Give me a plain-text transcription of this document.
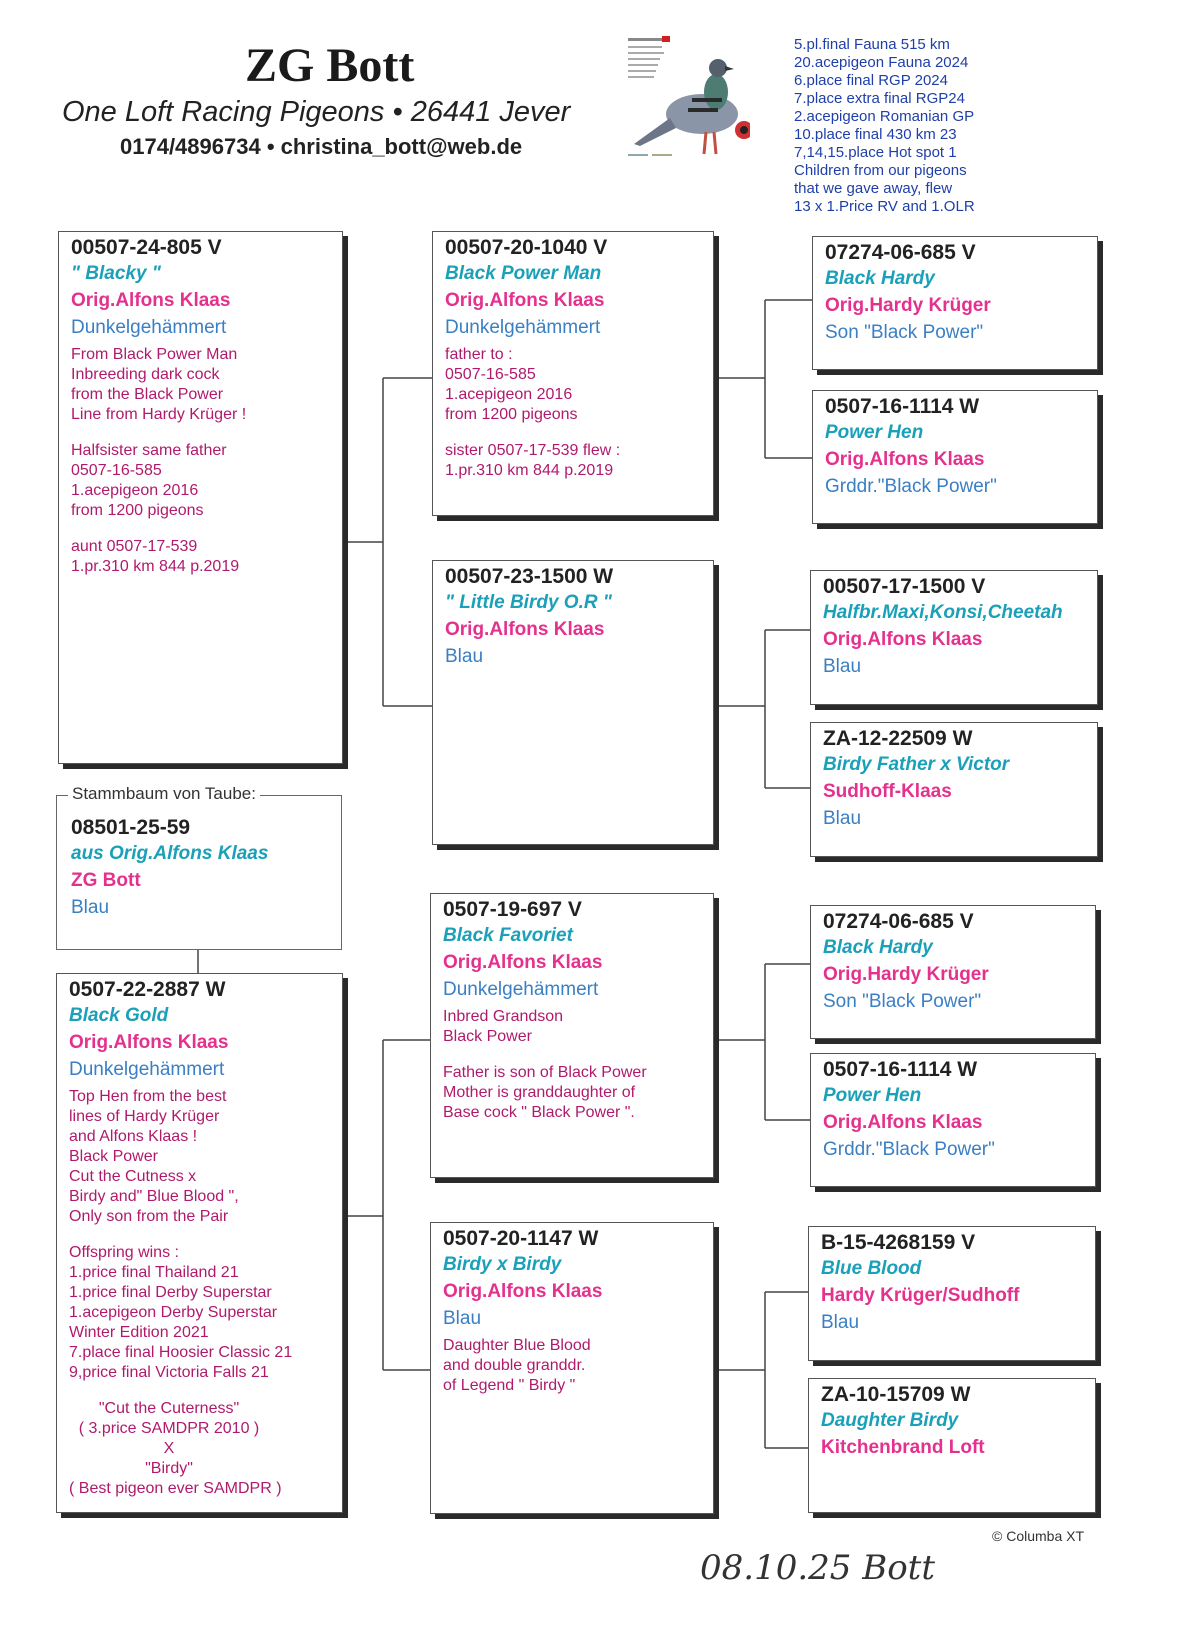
ZG Bott
One Loft Racing Pigeons • 26441 Jever
0174/4896734 • christina_bott@web.de
5.pl.final Fauna 515 km
20.acepigeon Fauna 2024
6.place final RGP 2024
7.place extra final RGP24
2.acepigeon Romanian GP
10.place final 430 km 23
7,14,15.place Hot spot 1
Children from our pigeons
that we gave away, flew
13 x 1.Price RV and 1.OLR
00507-24-805 V
" Blacky "
Orig.Alfons Klaas
Dunkelgehämmert
From Black Power Man
Inbreeding dark cock
from the Black Power
Line from Hardy Krüger !
Halfsister same father
0507-16-585
1.acepigeon 2016
from 1200 pigeons
aunt 0507-17-539
1.pr.310 km 844 p.2019
08501-25-59
aus Orig.Alfons Klaas
ZG Bott
Blau
Stammbaum von Taube:
0507-22-2887 W
Black Gold
Orig.Alfons Klaas
Dunkelgehämmert
Top Hen from the best
lines of Hardy Krüger
and Alfons Klaas !
Black Power
Cut the Cutness x
Birdy and" Blue Blood ",
Only son from the Pair
Offspring wins :
1.price final Thailand 21
1.price final Derby Superstar
1.acepigeon Derby Superstar
Winter Edition 2021
7.place final Hoosier Classic 21
9,price final Victoria Falls 21
"Cut the Cuterness"
( 3.price SAMDPR 2010 )
X
"Birdy"
( Best pigeon ever SAMDPR )
00507-20-1040 V
Black Power Man
Orig.Alfons Klaas
Dunkelgehämmert
father to :
0507-16-585
1.acepigeon 2016
from 1200 pigeons
sister 0507-17-539 flew :
1.pr.310 km 844 p.2019
00507-23-1500 W
" Little Birdy O.R "
Orig.Alfons Klaas
Blau
0507-19-697 V
Black Favoriet
Orig.Alfons Klaas
Dunkelgehämmert
Inbred Grandson
Black Power
Father is son of Black Power
Mother is granddaughter of
Base cock " Black Power ".
0507-20-1147 W
Birdy x Birdy
Orig.Alfons Klaas
Blau
Daughter Blue Blood
and double granddr.
of Legend " Birdy "
07274-06-685 V
Black Hardy
Orig.Hardy Krüger
Son "Black Power"
0507-16-1114 W
Power Hen
Orig.Alfons Klaas
Grddr."Black Power"
00507-17-1500 V
Halfbr.Maxi,Konsi,Cheetah
Orig.Alfons Klaas
Blau
ZA-12-22509 W
Birdy Father x Victor
Sudhoff-Klaas
Blau
07274-06-685 V
Black Hardy
Orig.Hardy Krüger
Son "Black Power"
0507-16-1114 W
Power Hen
Orig.Alfons Klaas
Grddr."Black Power"
B-15-4268159 V
Blue Blood
Hardy Krüger/Sudhoff
Blau
ZA-10-15709 W
Daughter Birdy
Kitchenbrand Loft
© Columba XT
08.10.25 Bott
